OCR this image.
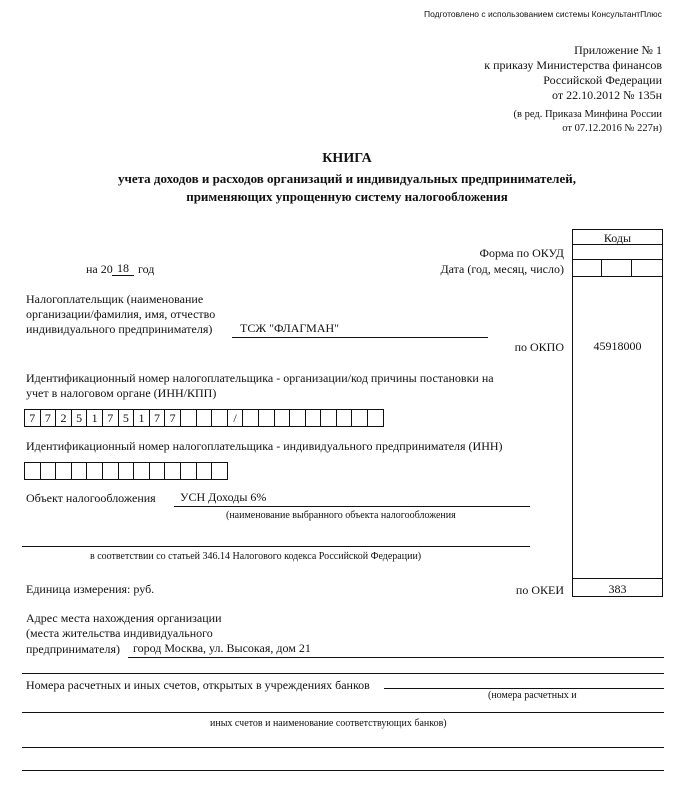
Подготовлено с использованием системы КонсультантПлюс
Приложение № 1
к приказу Министерства финансов
Российской Федерации
от 22.10.2012 № 135н
(в ред. Приказа Минфина России
от 07.12.2016 № 227н)
КНИГА
учета доходов и расходов организаций и индивидуальных предпринимателей,
применяющих упрощенную систему налогообложения
Коды
Форма по ОКУД
Дата (год, месяц, число)
по ОКПО	45918000
по ОКЕИ	383
на 20 18 год
Налогоплательщик (наименование
организации/фамилия, имя, отчество
индивидуального предпринимателя) ТСЖ "ФЛАГМАН"
Идентификационный номер налогоплательщика - организации/код причины постановки на
учет в налоговом органе (ИНН/КПП)
7 7 2 5 1 7 5 1 7 7	/
Идентификационный номер налогоплательщика - индивидуального предпринимателя (ИНН)
Объект налогообложения УСН Доходы 6%
(наименование выбранного объекта налогообложения
в соответствии со статьей 346.14 Налогового кодекса Российской Федерации)
Единица измерения: руб.
Адрес места нахождения организации
(места жительства индивидуального
предпринимателя) город Москва, ул. Высокая, дом 21
Номера расчетных и иных счетов, открытых в учреждениях банков
(номера расчетных и
иных счетов и наименование соответствующих банков)
